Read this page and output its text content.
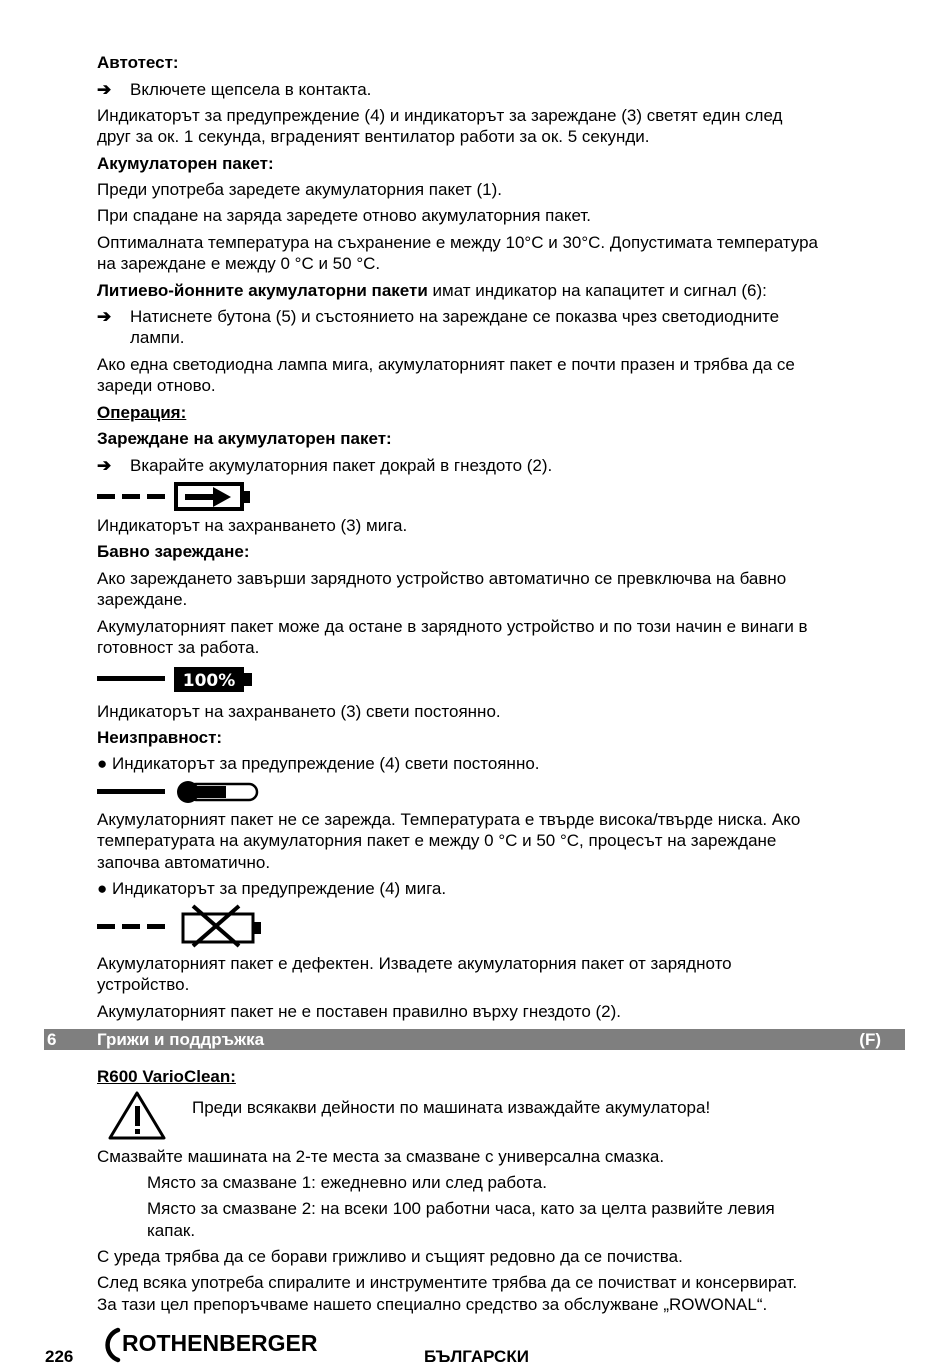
Автотест:
➔ Включете щепсела в контакта.
Индикаторът за предупреждение (4) и индикаторът за зареждане (3) светят един след
друг за ок. 1 секунда, вградeният вентилатор работи за ок. 5 секунди.
Акумулаторен пакет:
Преди употреба заредете акумулаторния пакет (1).
При спадане на заряда заредете отново акумулаторния пакет.
Оптималната температура на съхранение е между 10°C и 30°C. Допустимата температура
на зареждане е между 0 °C и 50 °C.
Литиево-йонните акумулаторни пакети имат индикатор на капацитет и сигнал (6):
➔ Натиснете бутона (5) и състоянието на зареждане се показва чрез светодиодните
лампи.
Ако една светодиодна лампа мига, акумулаторният пакет е почти празен и трябва да се
зареди отново.
Операция:
Зареждане на акумулаторен пакет:
➔ Вкарайте акумулаторния пакет докрай в гнездото (2).
Индикаторът на захранването (3) мига.
Бавно зареждане:
Ако зареждането завърши зарядното устройство автоматично се превключва на бавно
зареждане.
Акумулаторният пакет може да остане в зарядното устройство и по този начин е винаги в
готовност за работа.
100%
Индикаторът на захранването (3) свети постоянно.
Неизправност:
● Индикаторът за предупреждение (4) свети постоянно.
Акумулаторният пакет не се зарежда. Температурата е твърде висока/твърде ниска. Ако
температурата на акумулаторния пакет е между 0 °C и 50 °C, процесът на зареждане
започва автоматично.
● Индикаторът за предупреждение (4) мига.
Акумулаторният пакет е дефектен. Извадете акумулаторния пакет от зарядното
устройство.
Акумулаторният пакет не е поставен правилно върху гнездото (2).
6 Грижи и поддръжка	(F)
R600 VarioClean:
Преди всякакви дейности по машината изваждайте акумулатора!
Смазвайте машината на 2-те места за смазване с универсална смазка.
Място за смазване 1: ежедневно или след работа.
Място за смазване 2: на всеки 100 работни часа, като за целта развийте левия
капак.
С уреда трябва да се борави грижливо и същият редовно да се почиства.
След всяка употреба спиралите и инструментите трябва да се почистват и консервират.
За тази цел препоръчваме нашето специално средство за обслужване „ROWONAL“.
226
ROTHENBERGER
БЪЛГАРСКИ
